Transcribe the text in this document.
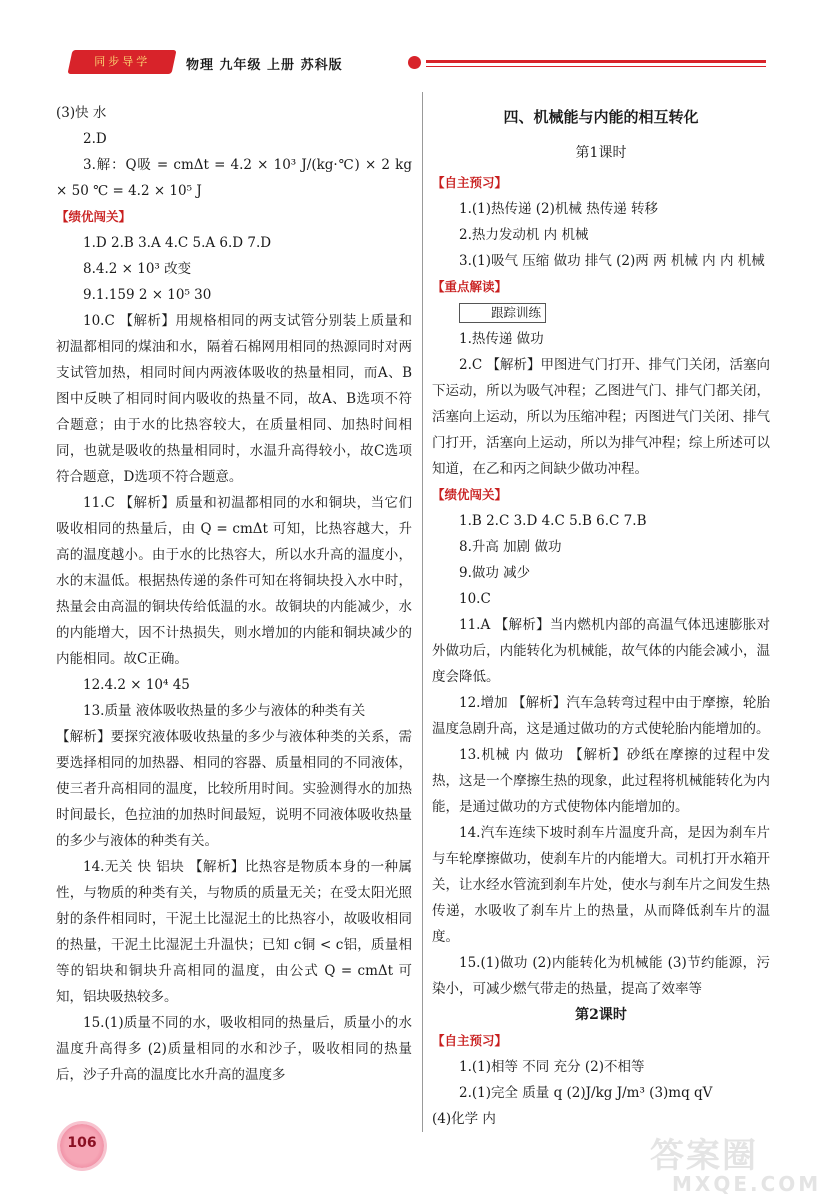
同步导学	物理 九年级 上册 苏科版

(3)快 水

2.D

3.解：Q吸 = cmΔt = 4.2 × 10³ J/(kg·℃) × 2 kg × 50 ℃ = 4.2 × 10⁵ J

【绩优闯关】

1.D 2.B 3.A 4.C 5.A 6.D 7.D

8.4.2 × 10³ 改变

9.1.159 2 × 10⁵ 30

10.C 【解析】用规格相同的两支试管分别装上质量和初温都相同的煤油和水，隔着石棉网用相同的热源同时对两支试管加热，相同时间内两液体吸收的热量相同，而A、B图中反映了相同时间内吸收的热量不同，故A、B选项不符合题意；由于水的比热容较大，在质量相同、加热时间相同，也就是吸收的热量相同时，水温升高得较小，故C选项符合题意，D选项不符合题意。

11.C 【解析】质量和初温都相同的水和铜块，当它们吸收相同的热量后，由 Q = cmΔt 可知，比热容越大，升高的温度越小。由于水的比热容大，所以水升高的温度小，水的末温低。根据热传递的条件可知在将铜块投入水中时，热量会由高温的铜块传给低温的水。故铜块的内能减少，水的内能增大，因不计热损失，则水增加的内能和铜块减少的内能相同。故C正确。

12.4.2 × 10⁴ 45

13.质量 液体吸收热量的多少与液体的种类有关

【解析】要探究液体吸收热量的多少与液体种类的关系，需要选择相同的加热器、相同的容器、质量相同的不同液体，使三者升高相同的温度，比较所用时间。实验测得水的加热时间最长，色拉油的加热时间最短，说明不同液体吸收热量的多少与液体的种类有关。

14.无关 快 铝块 【解析】比热容是物质本身的一种属性，与物质的种类有关，与物质的质量无关；在受太阳光照射的条件相同时，干泥土比湿泥土的比热容小，故吸收相同的热量，干泥土比湿泥土升温快；已知 c铜 < c铝，质量相等的铝块和铜块升高相同的温度，由公式 Q = cmΔt 可知，铝块吸热较多。

15.(1)质量不同的水，吸收相同的热量后，质量小的水温度升高得多 (2)质量相同的水和沙子，吸收相同的热量后，沙子升高的温度比水升高的温度多

四、机械能与内能的相互转化

第1课时

【自主预习】

1.(1)热传递 (2)机械 热传递 转移

2.热力发动机 内 机械

3.(1)吸气 压缩 做功 排气 (2)两 两 机械 内 内 机械

【重点解读】

跟踪训练

1.热传递 做功

2.C 【解析】甲图进气门打开、排气门关闭，活塞向下运动，所以为吸气冲程；乙图进气门、排气门都关闭，活塞向上运动，所以为压缩冲程；丙图进气门关闭、排气门打开，活塞向上运动，所以为排气冲程；综上所述可以知道，在乙和丙之间缺少做功冲程。

【绩优闯关】

1.B 2.C 3.D 4.C 5.B 6.C 7.B

8.升高 加剧 做功

9.做功 减少

10.C

11.A 【解析】当内燃机内部的高温气体迅速膨胀对外做功后，内能转化为机械能，故气体的内能会减小，温度会降低。

12.增加 【解析】汽车急转弯过程中由于摩擦，轮胎温度急剧升高，这是通过做功的方式使轮胎内能增加的。

13.机械 内 做功 【解析】砂纸在摩擦的过程中发热，这是一个摩擦生热的现象，此过程将机械能转化为内能，是通过做功的方式使物体内能增加的。

14.汽车连续下坡时刹车片温度升高，是因为刹车片与车轮摩擦做功，使刹车片的内能增大。司机打开水箱开关，让水经水管流到刹车片处，使水与刹车片之间发生热传递，水吸收了刹车片上的热量，从而降低刹车片的温度。

15.(1)做功 (2)内能转化为机械能 (3)节约能源，污染小，可减少燃气带走的热量，提高了效率等

第2课时

【自主预习】

1.(1)相等 不同 充分 (2)不相等

2.(1)完全 质量 q (2)J/kg J/m³ (3)mq qV

(4)化学 内

106	答案圈
MXQE.COM
